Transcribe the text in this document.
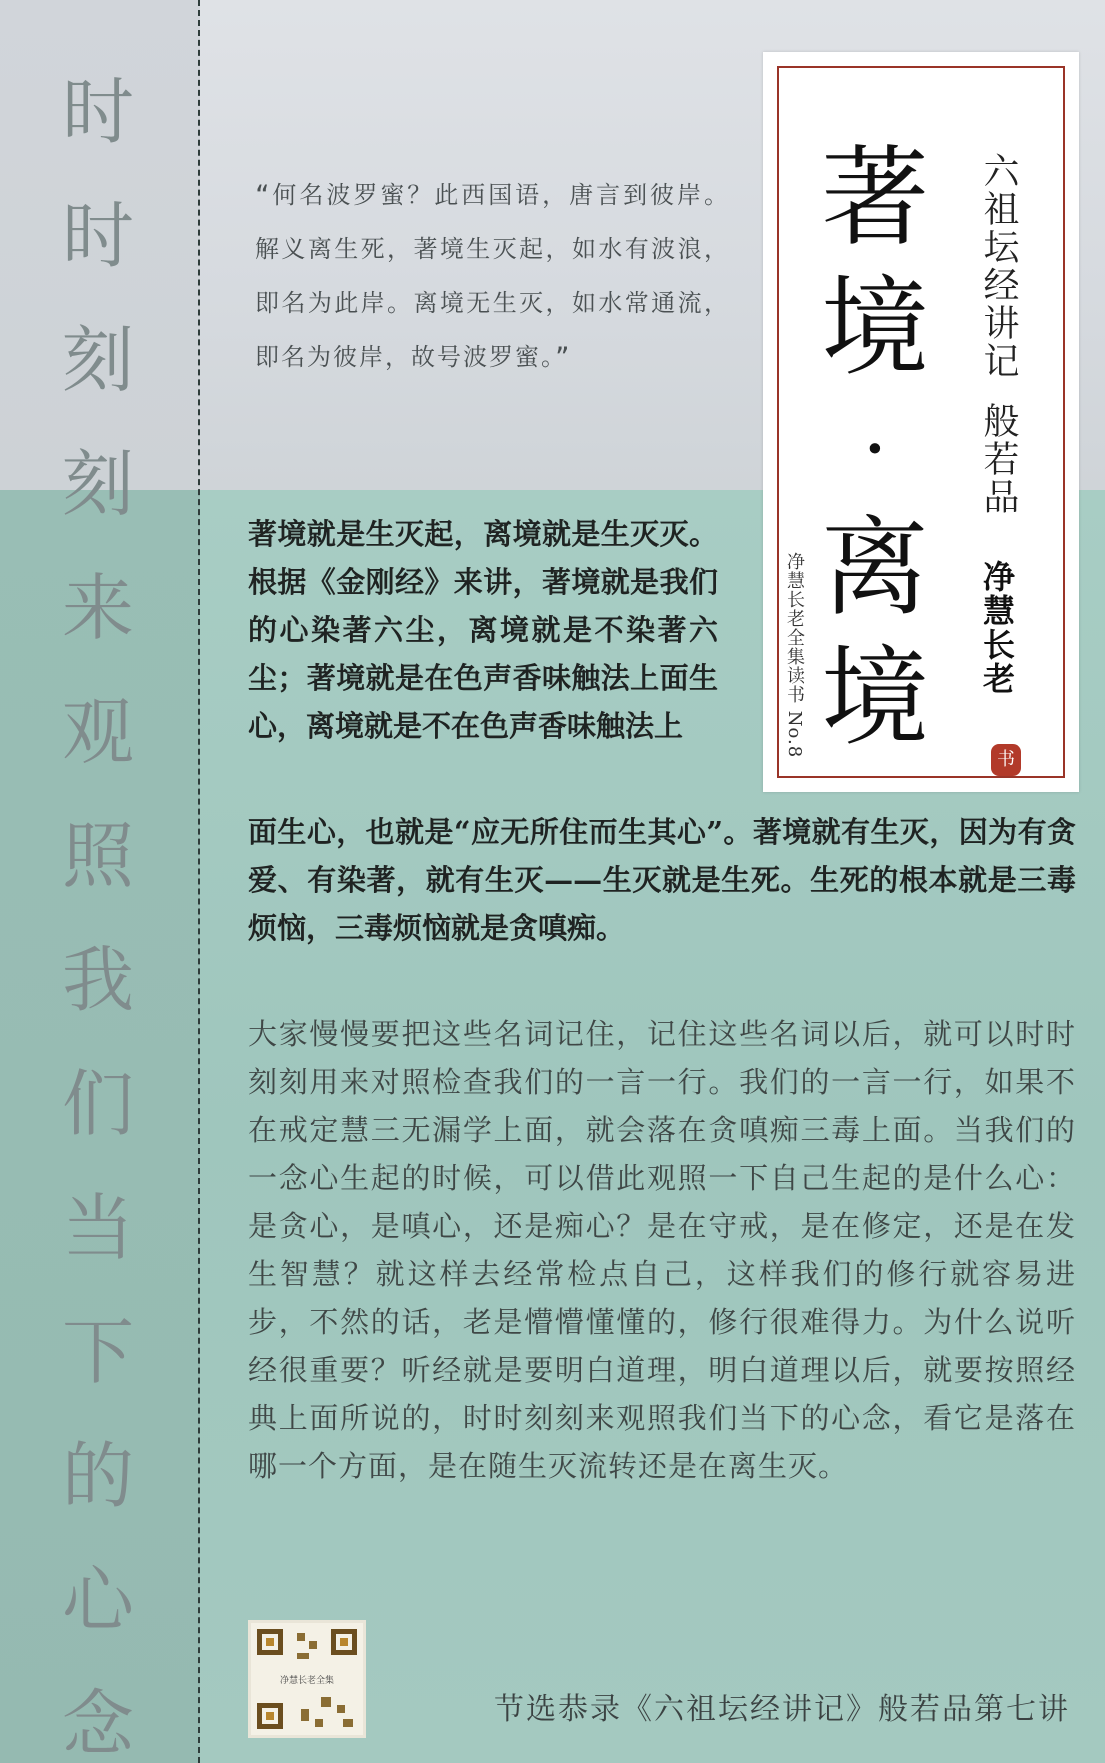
时
时
刻
刻
来
观
照
我
们
当
下
的
心
念
“何名波罗蜜？此西国语，唐言到彼岸。解义离生死，著境生灭起，如水有波浪，即名为此岸。离境无生灭，如水常通流，即名为彼岸，故号波罗蜜。”
著
境
·
离
境
六祖坛经讲记
般若品
净慧长老
净慧长老全集读书 No.8
书
著境就是生灭起，离境就是生灭灭。根据《金刚经》来讲，著境就是我们的心染著六尘，离境就是不染著六尘；著境就是在色声香味触法上面生心，离境就是不在色声香味触法上
面生心，也就是“应无所住而生其心”。著境就有生灭，因为有贪爱、有染著，就有生灭——生灭就是生死。生死的根本就是三毒烦恼，三毒烦恼就是贪嗔痴。
大家慢慢要把这些名词记住，记住这些名词以后，就可以时时刻刻用来对照检查我们的一言一行。我们的一言一行，如果不在戒定慧三无漏学上面，就会落在贪嗔痴三毒上面。当我们的一念心生起的时候，可以借此观照一下自己生起的是什么心：是贪心，是嗔心，还是痴心？是在守戒，是在修定，还是在发生智慧？就这样去经常检点自己，这样我们的修行就容易进步，不然的话，老是懵懵懂懂的，修行很难得力。为什么说听经很重要？听经就是要明白道理，明白道理以后，就要按照经典上面所说的，时时刻刻来观照我们当下的心念，看它是落在哪一个方面，是在随生灭流转还是在离生灭。
净慧长老全集
节选恭录《六祖坛经讲记》般若品第七讲
